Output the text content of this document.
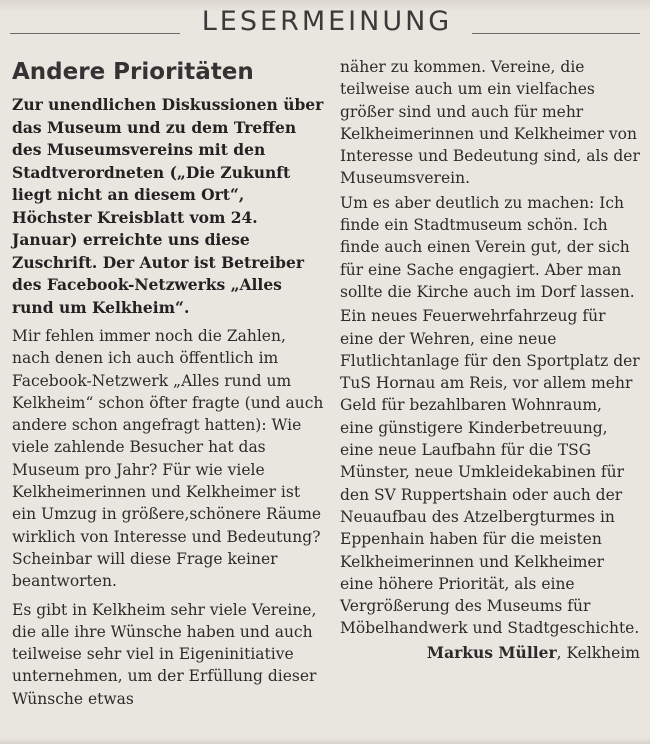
LESERMEINUNG
Andere Prioritäten

Zur unendlichen Diskussionen über das Museum und zu dem Treffen des Museumsvereins mit den Stadtverordneten („Die Zukunft liegt nicht an diesem Ort“, Höchster Kreisblatt vom 24. Januar) erreichte uns diese Zuschrift. Der Autor ist Betreiber des Facebook-Netzwerks „Alles rund um Kelkheim“.

Mir fehlen immer noch die Zahlen, nach denen ich auch öffentlich im Facebook-Netzwerk „Alles rund um Kelkheim“ schon öfter fragte (und auch andere schon angefragt hatten): Wie viele zahlende Besucher hat das Museum pro Jahr? Für wie viele Kelkheimerinnen und Kelkheimer ist ein Umzug in größere,schönere Räume wirklich von Interesse und Bedeutung? Scheinbar will diese Frage keiner beantworten.

Es gibt in Kelkheim sehr viele Vereine, die alle ihre Wünsche haben und auch teilweise sehr viel in Eigeninitiative unternehmen, um der Erfüllung dieser Wünsche etwas

näher zu kommen. Vereine, die teilweise auch um ein vielfaches größer sind und auch für mehr Kelkheimerinnen und Kelkheimer von Interesse und Bedeutung sind, als der Museumsverein.

Um es aber deutlich zu machen: Ich finde ein Stadtmuseum schön. Ich finde auch einen Verein gut, der sich für eine Sache engagiert. Aber man sollte die Kirche auch im Dorf lassen.

Ein neues Feuerwehrfahrzeug für eine der Wehren, eine neue Flutlichtanlage für den Sportplatz der TuS Hornau am Reis, vor allem mehr Geld für bezahlbaren Wohnraum, eine günstigere Kinderbetreuung, eine neue Laufbahn für die TSG Münster, neue Umkleidekabinen für den SV Ruppertshain oder auch der Neuaufbau des Atzelbergturmes in Eppenhain haben für die meisten Kelkheimerinnen und Kelkheimer eine höhere Priorität, als eine Vergrößerung des Museums für Möbelhandwerk und Stadtgeschichte.

Markus Müller, Kelkheim
